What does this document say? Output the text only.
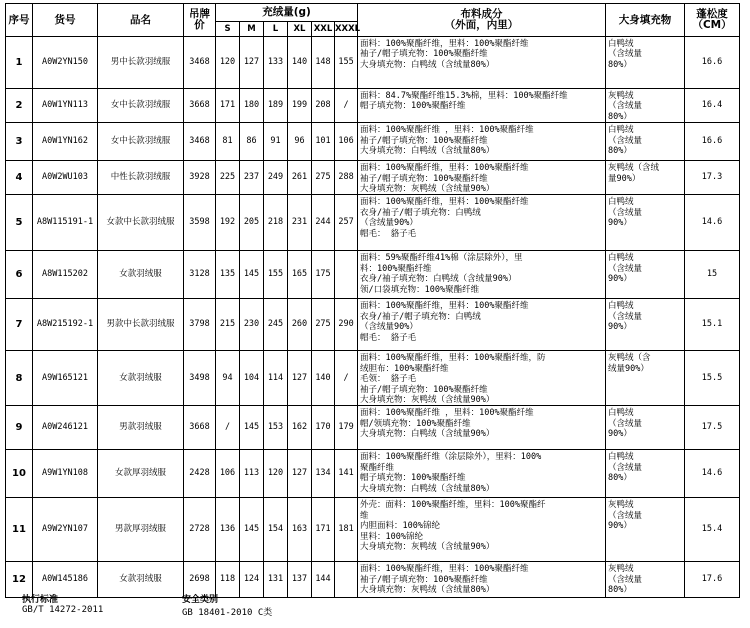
序号	货号	品名	吊牌价	充绒量(g)						布料成分
（外面，内里）	大身填充物	蓬松度
（CM）
				S	M	L	XL	XXL	XXXL			
1	A0W2YN150	男中长款羽绒服	3468	120	127	133	140	148	155	面料：100%聚酯纤维，里料：100%聚酯纤维
袖子/帽子填充物：100%聚酯纤维
大身填充物：白鸭绒（含绒量80%）	白鸭绒
（含绒量
80%）	16.6
2	A0W1YN113	女中长款羽绒服	3668	171	180	189	199	208	/	面料：84.7%聚酯纤维15.3%棉，里料：100%聚酯纤维
帽子填充物：100%聚酯纤维	灰鸭绒
（含绒量
80%）	16.4
3	A0W1YN162	女中长款羽绒服	3468	81	86	91	96	101	106	面料：100%聚酯纤维 ，里料：100%聚酯纤维
袖子/帽子填充物：100%聚酯纤维
大身填充物：白鸭绒（含绒量80%）	白鸭绒
（含绒量
80%）	16.6
4	A0W2WU103	中性长款羽绒服	3928	225	237	249	261	275	288	面料：100%聚酯纤维，里料：100%聚酯纤维
袖子/帽子填充物：100%聚酯纤维
大身填充物：灰鸭绒（含绒量90%）	灰鸭绒（含绒
量90%）	17.3
5	A8W115191-1	女款中长款羽绒服	3598	192	205	218	231	244	257	面料：100%聚酯纤维，里料：100%聚酯纤维
衣身/袖子/帽子填充物：白鸭绒
（含绒量90%）
帽毛： 貉子毛	白鸭绒
（含绒量
90%）	14.6
6	A8W115202	女款羽绒服	3128	135	145	155	165	175		面料：59%聚酯纤维41%棉（涂层除外），里
料：100%聚酯纤维
衣身/袖子填充物：白鸭绒（含绒量90%）
领/口袋填充物：100%聚酯纤维	白鸭绒
（含绒量
90%）	15
7	A8W215192-1	男款中长款羽绒服	3798	215	230	245	260	275	290	面料：100%聚酯纤维，里料：100%聚酯纤维
衣身/袖子/帽子填充物：白鸭绒
（含绒量90%）
帽毛： 貉子毛	白鸭绒
（含绒量
90%）	15.1
8	A9W165121	女款羽绒服	3498	94	104	114	127	140	/	面料：100%聚酯纤维，里料：100%聚酯纤维，防
绒胆布：100%聚酯纤维
毛领： 貉子毛
袖子/帽子填充物：100%聚酯纤维
大身填充物：灰鸭绒（含绒量90%）	灰鸭绒（含
绒量90%）	15.5
9	A0W246121	男款羽绒服	3668	/	145	153	162	170	179	面料：100%聚酯纤维 ，里料：100%聚酯纤维
帽/领填充物：100%聚酯纤维
大身填充物：白鸭绒（含绒量90%）	白鸭绒
（含绒量
90%）	17.5
10	A9W1YN108	女款厚羽绒服	2428	106	113	120	127	134	141	面料：100%聚酯纤维（涂层除外），里料：100%
聚酯纤维
帽子填充物：100%聚酯纤维
大身填充物：白鸭绒（含绒量80%）	白鸭绒
（含绒量
80%）	14.6
11	A9W2YN107	男款厚羽绒服	2728	136	145	154	163	171	181	外壳：面料：100%聚酯纤维，里料：100%聚酯纤
维
内胆面料：100%锦纶
里料：100%锦纶
大身填充物：灰鸭绒（含绒量90%）	灰鸭绒
（含绒量
90%）	15.4
12	A0W145186	女款羽绒服	2698	118	124	131	137	144		面料：100%聚酯纤维，里料：100%聚酯纤维
袖子/帽子填充物：100%聚酯纤维
大身填充物：灰鸭绒（含绒量80%）	灰鸭绒
（含绒量
80%）	17.6
执行标准
GB/T 14272-2011
安全类别
GB 18401-2010 C类
